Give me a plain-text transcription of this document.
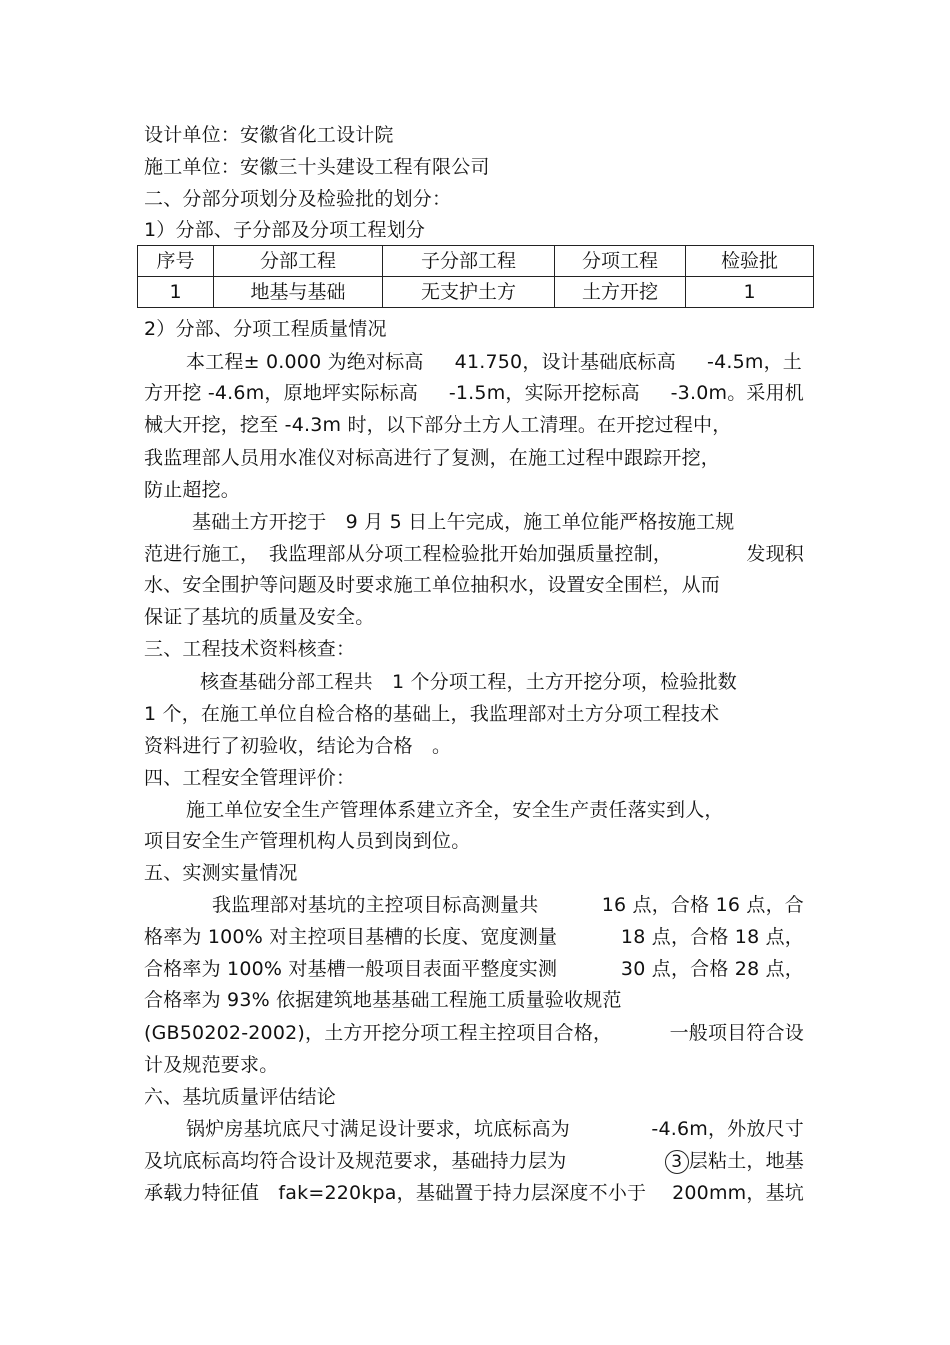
设计单位：安徽省化工设计院
施工单位：安徽三十头建设工程有限公司
二、分部分项划分及检验批的划分：
1）分部、子分部及分项工程划分
序号	分部工程	子分部工程	分项工程	检验批
1	地基与基础	无支护土方	土方开挖	1
2）分部、分项工程质量情况
本工程± 0.000 为绝对标高 41.750，设计基础底标高 -4.5m，土
方开挖 -4.6m，原地坪实际标高 -1.5m，实际开挖标高 -3.0m。采用机
械大开挖，挖至 -4.3m 时，以下部分土方人工清理。在开挖过程中，
我监理部人员用水准仪对标高进行了复测，在施工过程中跟踪开挖，
防止超挖。
基础土方开挖于　9 月 5 日上午完成，施工单位能严格按施工规
范进行施工，　我监理部从分项工程检验批开始加强质量控制，	发现积
水、安全围护等问题及时要求施工单位抽积水，设置安全围栏，从而
保证了基坑的质量及安全。
三、工程技术资料核查：
核查基础分部工程共　1 个分项工程，土方开挖分项，检验批数
1 个，在施工单位自检合格的基础上，我监理部对土方分项工程技术
资料进行了初验收，结论为合格　。
四、工程安全管理评价：
施工单位安全生产管理体系建立齐全，安全生产责任落实到人，
项目安全生产管理机构人员到岗到位。
五、实测实量情况
我监理部对基坑的主控项目标高测量共	16 点，合格 16 点，合
格率为 100% 对主控项目基槽的长度、宽度测量	18 点，合格 18 点，
合格率为 100% 对基槽一般项目表面平整度实测	30 点，合格 28 点，
合格率为 93% 依据建筑地基基础工程施工质量验收规范
(GB50202-2002)，土方开挖分项工程主控项目合格，	一般项目符合设
计及规范要求。
六、基坑质量评估结论
锅炉房基坑底尺寸满足设计要求，坑底标高为	-4.6m，外放尺寸
及坑底标高均符合设计及规范要求，基础持力层为	3 层粘土，地基
承载力特征值　fak=220kpa，基础置于持力层深度不小于 200mm，基坑
